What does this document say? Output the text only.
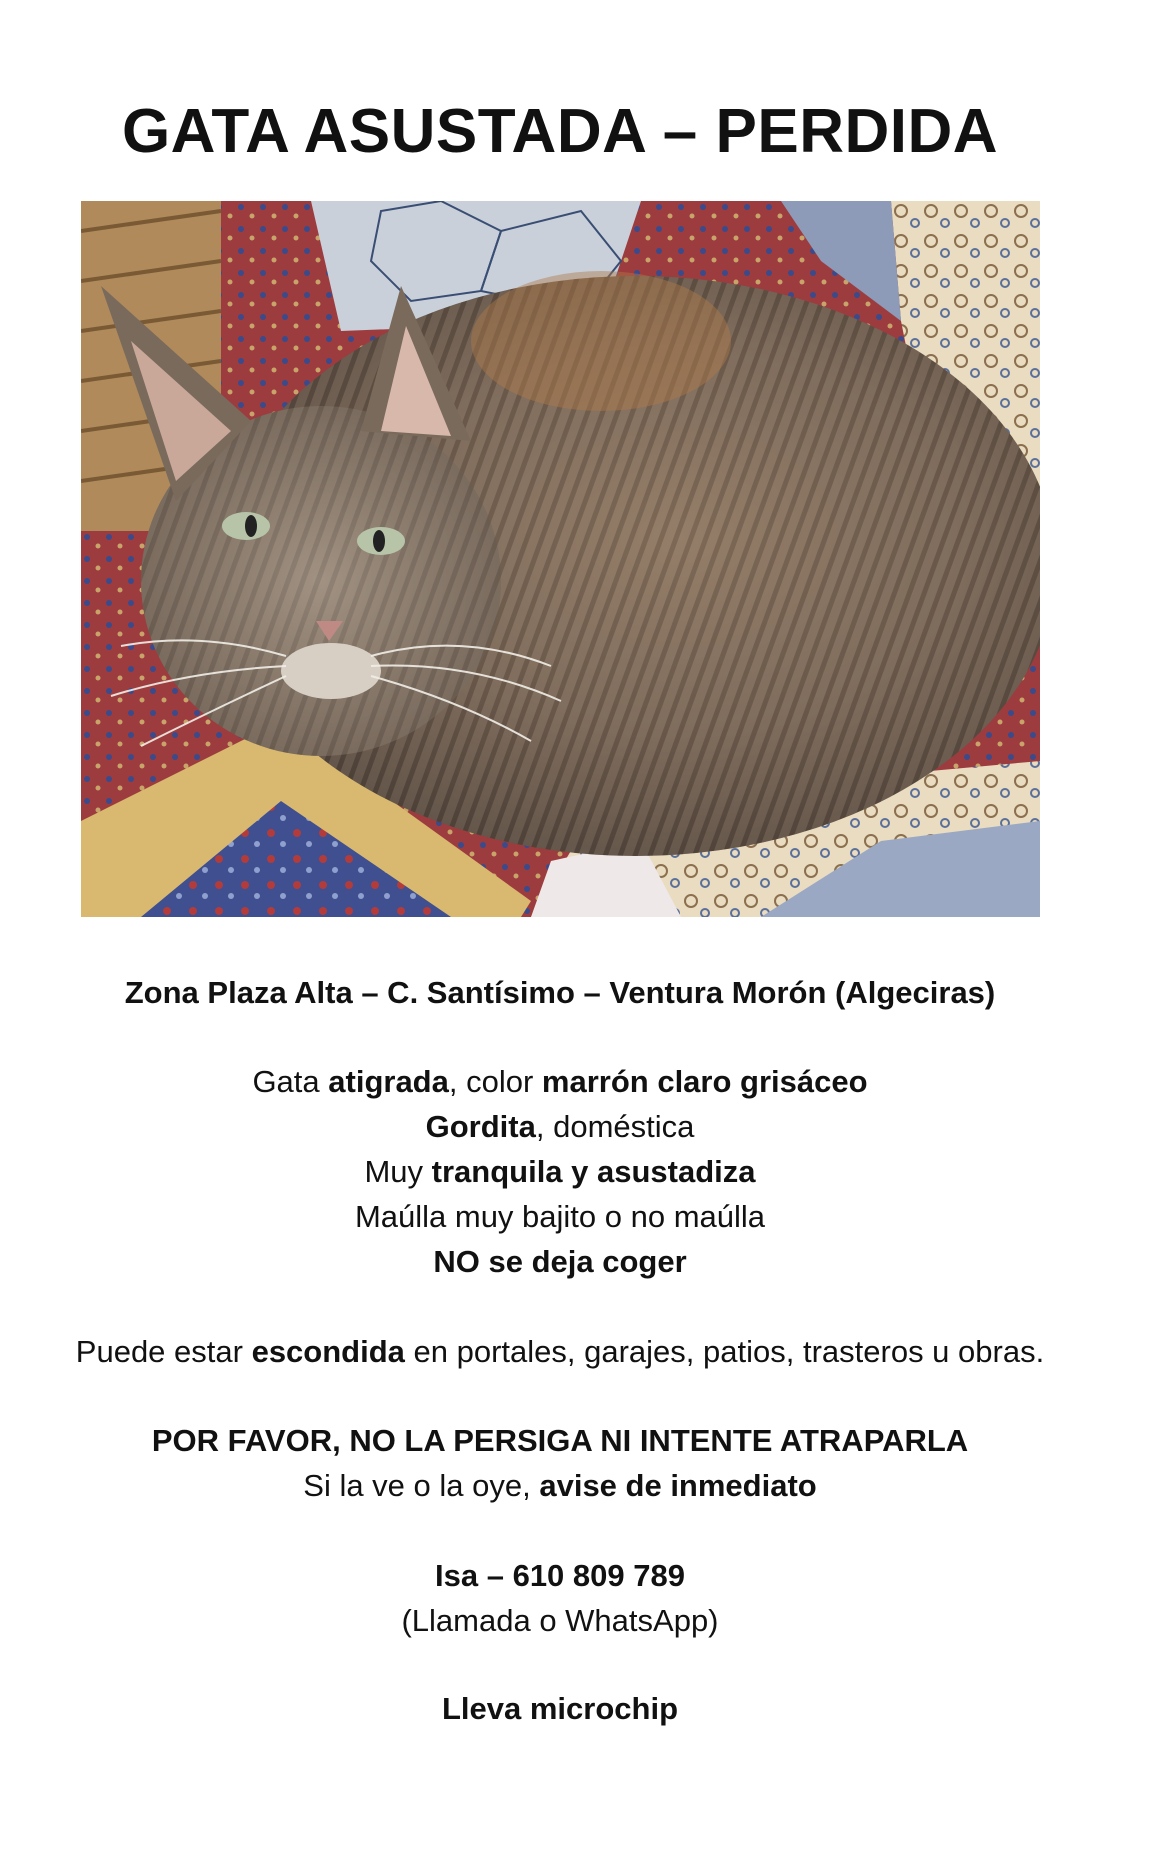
GATA ASUSTADA – PERDIDA
Zona Plaza Alta – C. Santísimo – Ventura Morón (Algeciras)
Gata atigrada, color marrón claro grisáceo
Gordita, doméstica
Muy tranquila y asustadiza
Maúlla muy bajito o no maúlla
NO se deja coger
Puede estar escondida en portales, garajes, patios, trasteros u obras.
POR FAVOR, NO LA PERSIGA NI INTENTE ATRAPARLA
Si la ve o la oye, avise de inmediato
Isa – 610 809 789
(Llamada o WhatsApp)
Lleva microchip
